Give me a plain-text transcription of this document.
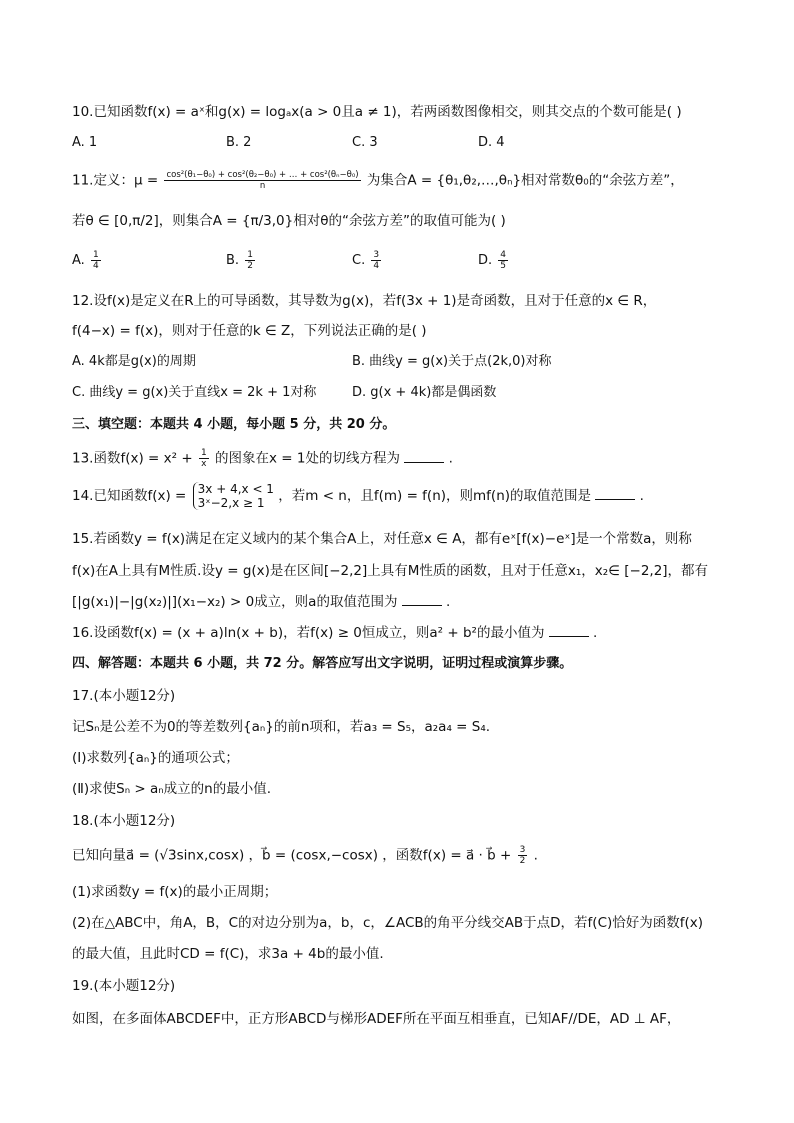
10.已知函数f(x) = aˣ和g(x) = logₐx(a > 0且a ≠ 1)，若两函数图像相交，则其交点的个数可能是( )
A. 1	B. 2	C. 3	D. 4
11.定义：$\mu = \frac{\text{cos²(θ₁−θ₀) + cos²(θ₂−θ₀) + … + cos²(θₙ−θ₀)}}{n}$ 为集合A = {θ₁,θ₂,…,θₙ}相对常数θ₀的“余弦方差”，
若θ ∈ [0,π/2]，则集合A = {π/3,0}相对θ的“余弦方差”的取值可能为( )
A. $\frac{1}{4}$	B. $\frac{1}{2}$	C. $\frac{3}{4}$	D. $\frac{4}{5}$
12.设f(x)是定义在R上的可导函数，其导数为g(x)，若f(3x + 1)是奇函数，且对于任意的x ∈ R，
f(4−x) = f(x)，则对于任意的k ∈ Z，下列说法正确的是( )
A. 4k都是g(x)的周期	B. 曲线y = g(x)关于点(2k,0)对称
C. 曲线y = g(x)关于直线x = 2k + 1对称	D. g(x + 4k)都是偶函数
三、填空题：本题共 4 小题，每小题 5 分，共 20 分。
13.函数$f(x) = x^2 + \frac{1}{x}$ 的图象在x = 1处的切线方程为	.
14.已知函数f(x) = 3x + 4,x < 1
3ˣ−2,x ≥ 1	，若m < n，且f(m) = f(n)，则mf(n)的取值范围是	.
15.若函数y = f(x)满足在定义域内的某个集合A上，对任意x ∈ A，都有eˣ[f(x)−eˣ]是一个常数a，则称
f(x)在A上具有M性质.设y = g(x)是在区间[−2,2]上具有M性质的函数，且对于任意x₁，x₂∈ [−2,2]，都有
[|g(x₁)|−|g(x₂)|](x₁−x₂) > 0成立，则a的取值范围为	.
16.设函数f(x) = (x + a)ln(x + b)，若f(x) ≥ 0恒成立，则a² + b²的最小值为	.
四、解答题：本题共 6 小题，共 72 分。解答应写出文字说明，证明过程或演算步骤。
17.(本小题12分)
记Sₙ是公差不为0的等差数列{aₙ}的前n项和，若a₃ = S₅，a₂a₄ = S₄.
(Ⅰ)求数列{aₙ}的通项公式；
(Ⅱ)求使Sₙ > aₙ成立的n的最小值.
18.(本小题12分)
已知向量a⃗ = (√3sinx,cosx) ，b⃗ = (cosx,−cosx) ，函数f(x) = a⃗ · b⃗ + $\frac{3}{2}$ .
(1)求函数y = f(x)的最小正周期；
(2)在△ABC中，角A，B，C的对边分别为a，b，c，∠ACB的角平分线交AB于点D，若f(C)恰好为函数f(x)
的最大值，且此时CD = f(C)，求3a + 4b的最小值.
19.(本小题12分)
如图，在多面体ABCDEF中，正方形ABCD与梯形ADEF所在平面互相垂直，已知AF//DE，AD ⊥ AF，
